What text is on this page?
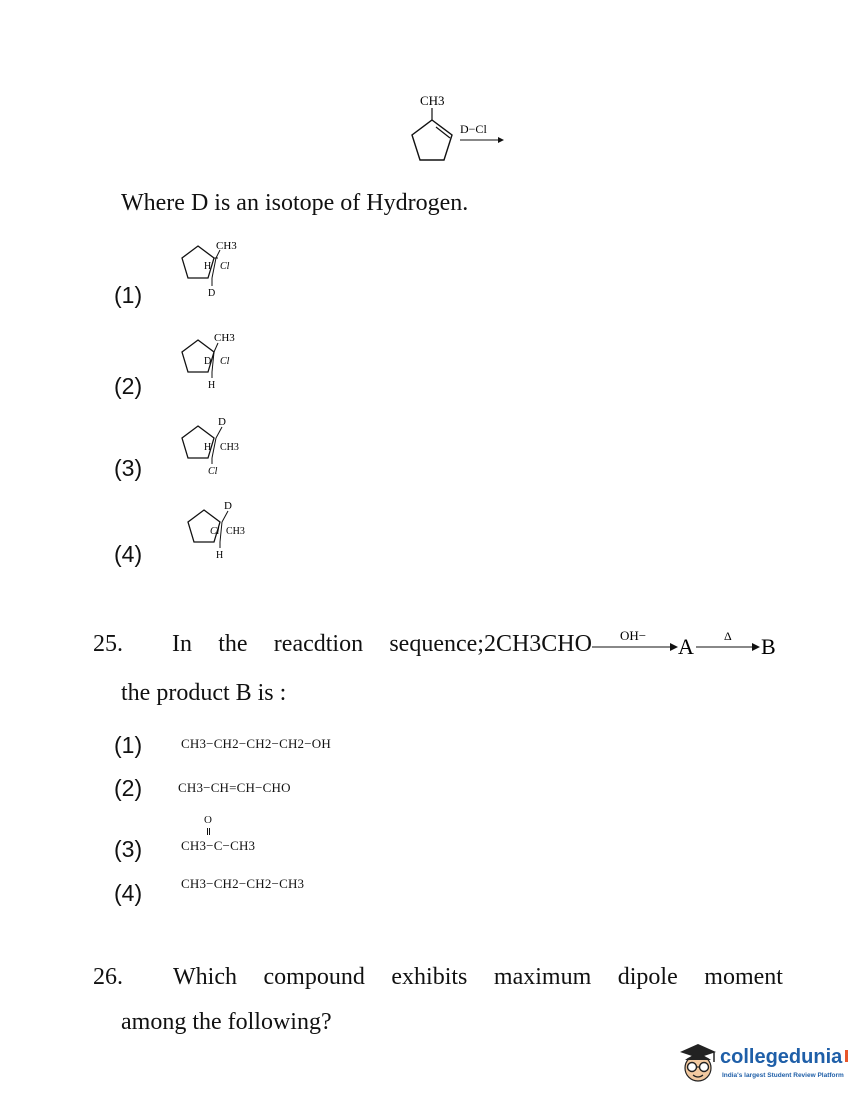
CH3
D−Cl
Where D is an isotope of Hydrogen.
(1)
CH3
H Cl
D
(2)
CH3
D Cl
H
(3)
D
H CH3
Cl
(4)
D
Cl CH3
H
25. In the reacdtion sequence;2CH3CHO OH− A	Δ B
the product B is :
(1)	CH3−CH2−CH2−CH2−OH
(2)	CH3−CH=CH−CHO
(3)
O
CH3−C−CH3
(4)	CH3−CH2−CH2−CH3
26. Which compound exhibits maximum dipole moment
among the following?
collegedunia
India's largest Student Review Platform
